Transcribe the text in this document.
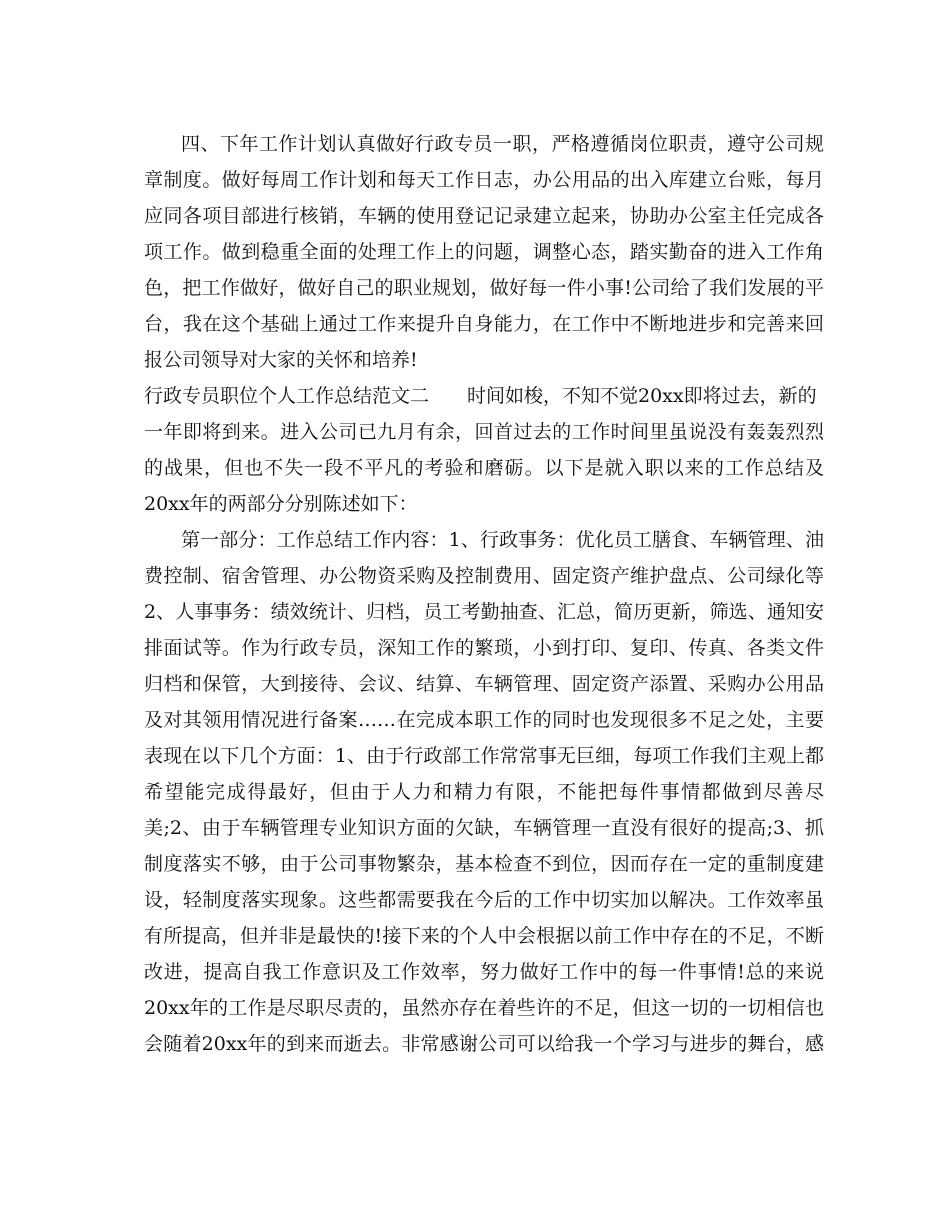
四、下年工作计划认真做好行政专员一职，严格遵循岗位职责，遵守公司规
章制度。做好每周工作计划和每天工作日志，办公用品的出入库建立台账，每月
应同各项目部进行核销，车辆的使用登记记录建立起来，协助办公室主任完成各
项工作。做到稳重全面的处理工作上的问题，调整心态，踏实勤奋的进入工作角
色，把工作做好，做好自己的职业规划，做好每一件小事!公司给了我们发展的平
台，我在这个基础上通过工作来提升自身能力，在工作中不断地进步和完善来回
报公司领导对大家的关怀和培养!
行政专员职位个人工作总结范文二　　时间如梭，不知不觉20xx即将过去，新的
一年即将到来。进入公司已九月有余，回首过去的工作时间里虽说没有轰轰烈烈
的战果，但也不失一段不平凡的考验和磨砺。以下是就入职以来的工作总结及
20xx年的两部分分别陈述如下：
第一部分：工作总结工作内容：1、行政事务：优化员工膳食、车辆管理、油
费控制、宿舍管理、办公物资采购及控制费用、固定资产维护盘点、公司绿化等
2、人事事务：绩效统计、归档，员工考勤抽查、汇总，简历更新，筛选、通知安
排面试等。作为行政专员，深知工作的繁琐，小到打印、复印、传真、各类文件
归档和保管，大到接待、会议、结算、车辆管理、固定资产添置、采购办公用品
及对其领用情况进行备案……在完成本职工作的同时也发现很多不足之处，主要
表现在以下几个方面：1、由于行政部工作常常事无巨细，每项工作我们主观上都
希望能完成得最好，但由于人力和精力有限，不能把每件事情都做到尽善尽
美;2、由于车辆管理专业知识方面的欠缺，车辆管理一直没有很好的提高;3、抓
制度落实不够，由于公司事物繁杂，基本检查不到位，因而存在一定的重制度建
设，轻制度落实现象。这些都需要我在今后的工作中切实加以解决。工作效率虽
有所提高，但并非是最快的!接下来的个人中会根据以前工作中存在的不足，不断
改进，提高自我工作意识及工作效率，努力做好工作中的每一件事情!总的来说
20xx年的工作是尽职尽责的，虽然亦存在着些许的不足，但这一切的一切相信也
会随着20xx年的到来而逝去。非常感谢公司可以给我一个学习与进步的舞台，感
